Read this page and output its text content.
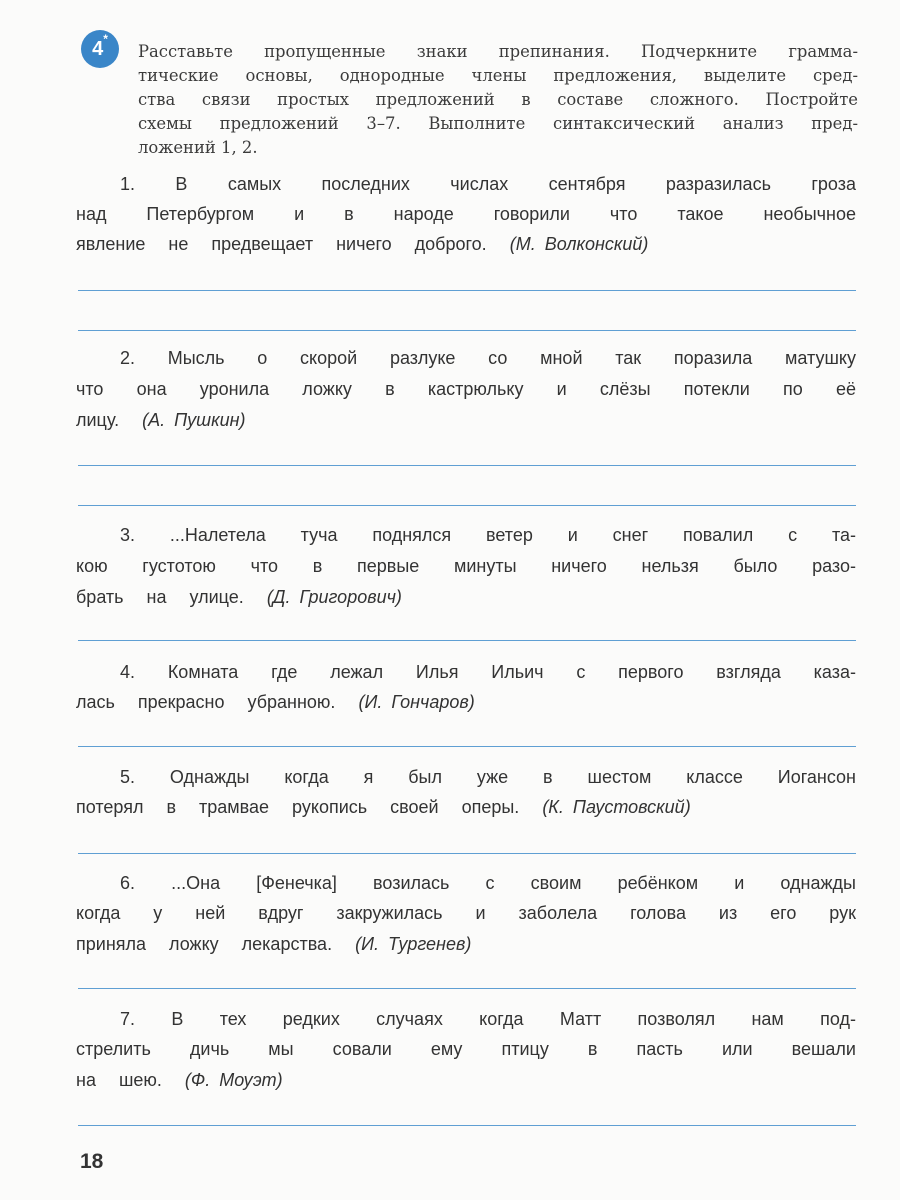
4*
Расставьте пропущенные знаки препинания. Подчеркните грамма-
тические основы, однородные члены предложения, выделите сред-
ства связи простых предложений в составе сложного. Постройте
схемы предложений 3–7. Выполните синтаксический анализ пред-
ложений 1, 2.
1. В самых последних числах сентября разразилась гроза
над Петербургом и в народе говорили что такое необычное
явление не предвещает ничего доброго. (М. Волконский)
2. Мысль о скорой разлуке со мной так поразила матушку
что она уронила ложку в кастрюльку и слёзы потекли по её
лицу. (А. Пушкин)
3. ...Налетела туча поднялся ветер и снег повалил с та-
кою густотою что в первые минуты ничего нельзя было разо-
брать на улице. (Д. Григорович)
4. Комната где лежал Илья Ильич с первого взгляда каза-
лась прекрасно убранною. (И. Гончаров)
5. Однажды когда я был уже в шестом классе Иогансон
потерял в трамвае рукопись своей оперы. (К. Паустовский)
6. ...Она [Фенечка] возилась с своим ребёнком и однажды
когда у ней вдруг закружилась и заболела голова из его рук
приняла ложку лекарства. (И. Тургенев)
7. В тех редких случаях когда Матт позволял нам под-
стрелить дичь мы совали ему птицу в пасть или вешали
на шею. (Ф. Моуэт)
18
